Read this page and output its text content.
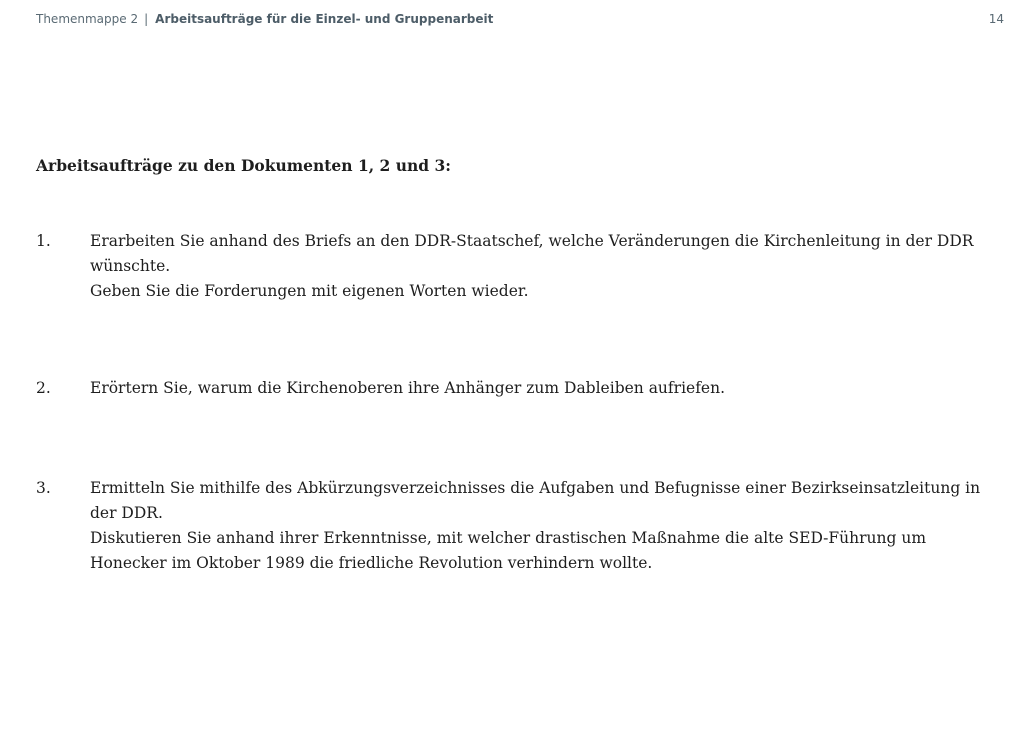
Themenmappe 2 | Arbeitsaufträge für die Einzel- und Gruppenarbeit	14
Arbeitsaufträge zu den Dokumenten 1, 2 und 3:
1.	Erarbeiten Sie anhand des Briefs an den DDR-Staatschef, welche Veränderungen die Kirchenleitung in der DDR wünschte.

Geben Sie die Forderungen mit eigenen Worten wieder.

2.	Erörtern Sie, warum die Kirchenoberen ihre Anhänger zum Dableiben aufriefen.

3.	Ermitteln Sie mithilfe des Abkürzungsverzeichnisses die Aufgaben und Befugnisse einer Bezirkseinsatzleitung in der DDR.

Diskutieren Sie anhand ihrer Erkenntnisse, mit welcher drastischen Maßnahme die alte SED-Führung um Honecker im Oktober 1989 die friedliche Revolution verhindern wollte.
